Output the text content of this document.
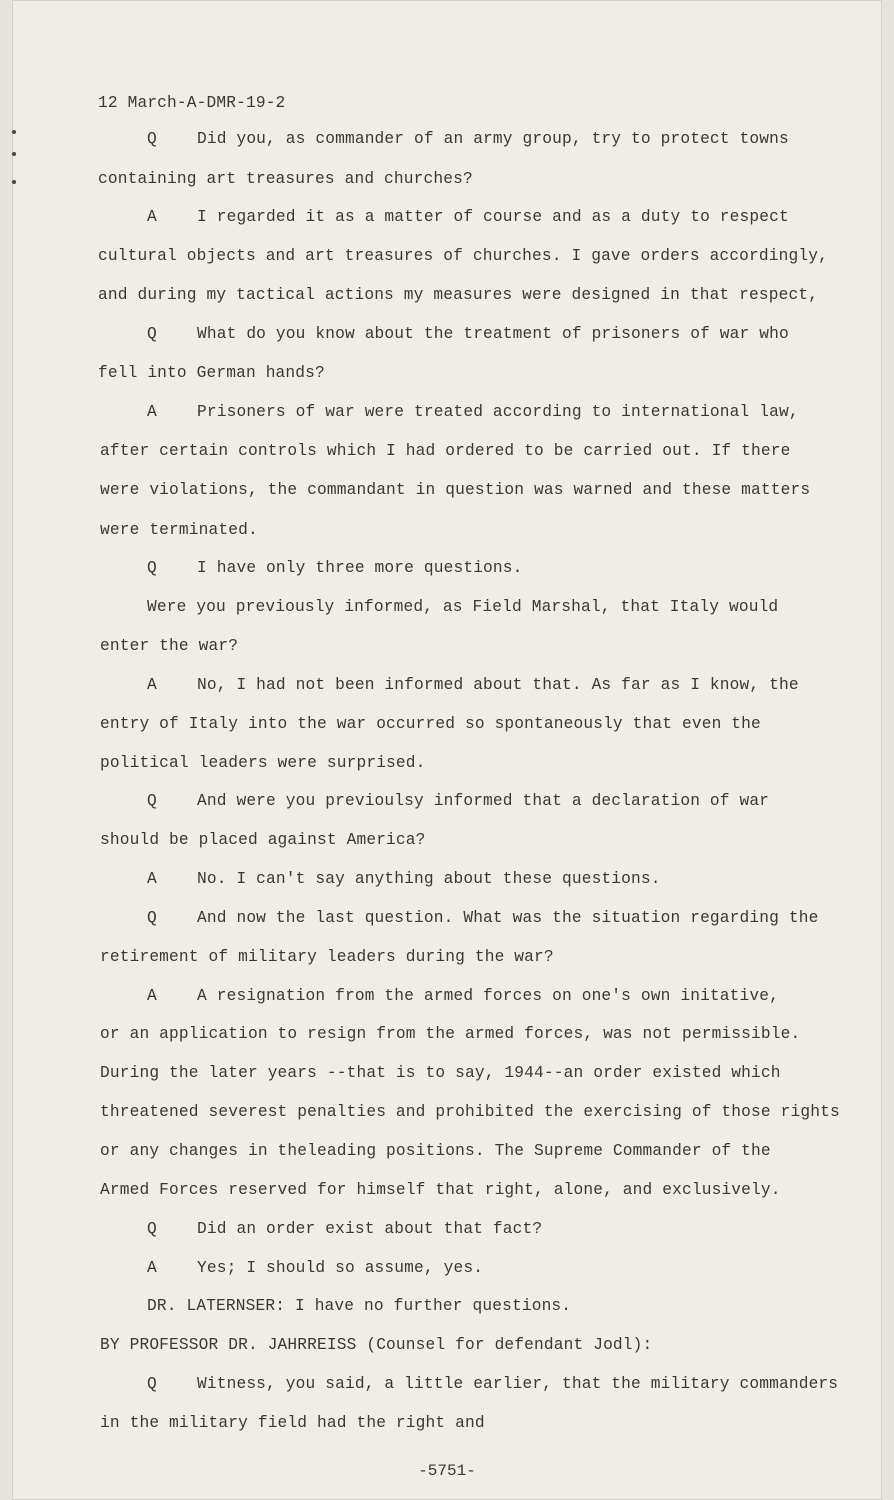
12 March-A-DMR-19-2
Q Did you, as commander of an army group, try to protect towns
containing art treasures and churches?
A I regarded it as a matter of course and as a duty to respect
cultural objects and art treasures of churches. I gave orders accordingly,
and during my tactical actions my measures were designed in that respect,
Q What do you know about the treatment of prisoners of war who
fell into German hands?
A Prisoners of war were treated according to international law,
after certain controls which I had ordered to be carried out. If there
were violations, the commandant in question was warned and these matters
were terminated.
Q I have only three more questions.
Were you previously informed, as Field Marshal, that Italy would
enter the war?
A No, I had not been informed about that. As far as I know, the
entry of Italy into the war occurred so spontaneously that even the
political leaders were surprised.
Q And were you previoulsy informed that a declaration of war
should be placed against America?
A No. I can't say anything about these questions.
Q And now the last question. What was the situation regarding the
retirement of military leaders during the war?
A A resignation from the armed forces on one's own initative,
or an application to resign from the armed forces, was not permissible.
During the later years --that is to say, 1944--an order existed which
threatened severest penalties and prohibited the exercising of those rights
or any changes in theleading positions. The Supreme Commander of the
Armed Forces reserved for himself that right, alone, and exclusively.
Q Did an order exist about that fact?
A Yes; I should so assume, yes.
DR. LATERNSER: I have no further questions.
BY PROFESSOR DR. JAHRREISS (Counsel for defendant Jodl):
Q Witness, you said, a little earlier, that the military commanders
in the military field had the right and
-5751-
